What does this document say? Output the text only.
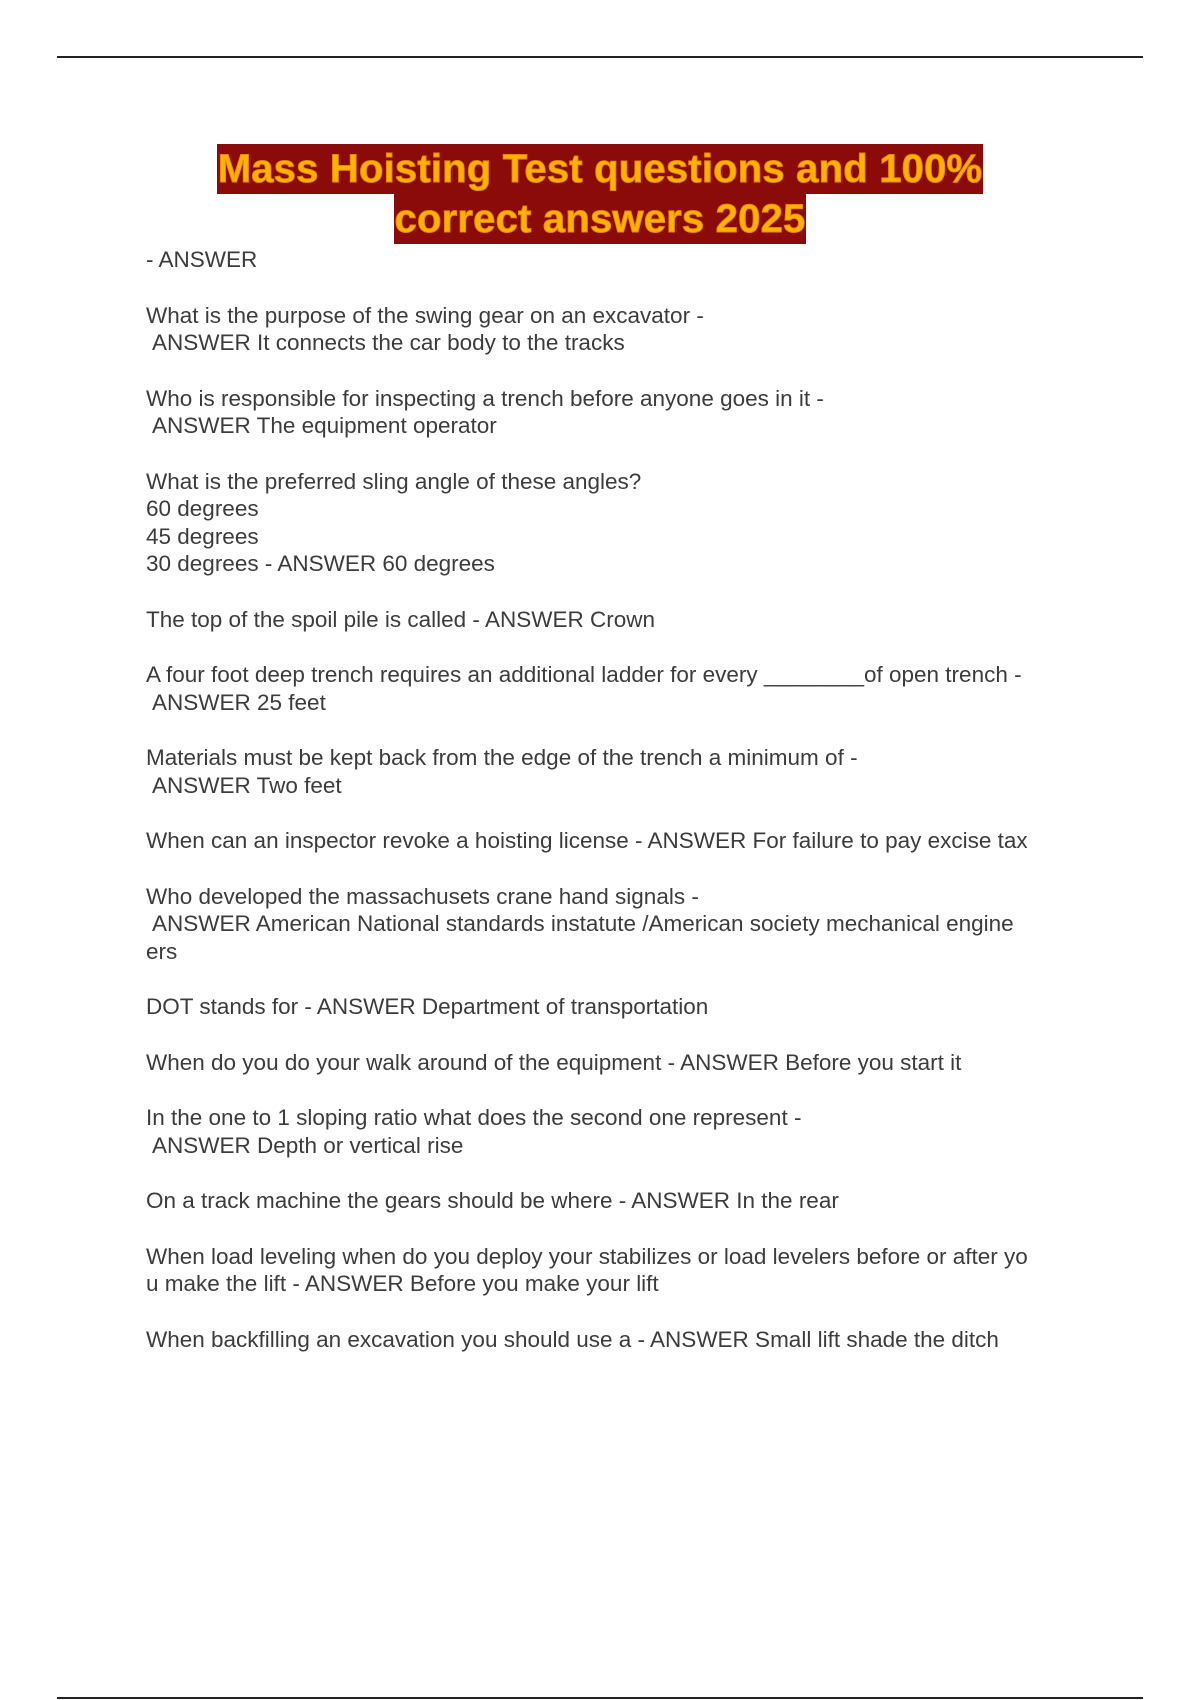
Mass Hoisting Test questions and 100%
correct answers 2025
- ANSWER
What is the purpose of the swing gear on an excavator -
ANSWER It connects the car body to the tracks
Who is responsible for inspecting a trench before anyone goes in it -
ANSWER The equipment operator
What is the preferred sling angle of these angles?
60 degrees
45 degrees
30 degrees - ANSWER 60 degrees
The top of the spoil pile is called - ANSWER Crown
A four foot deep trench requires an additional ladder for every ________of open trench -
ANSWER 25 feet
Materials must be kept back from the edge of the trench a minimum of -
ANSWER Two feet
When can an inspector revoke a hoisting license - ANSWER For failure to pay excise tax
Who developed the massachusets crane hand signals -
ANSWER American National standards instatute /American society mechanical engine
ers
DOT stands for - ANSWER Department of transportation
When do you do your walk around of the equipment - ANSWER Before you start it
In the one to 1 sloping ratio what does the second one represent -
ANSWER Depth or vertical rise
On a track machine the gears should be where - ANSWER In the rear
When load leveling when do you deploy your stabilizes or load levelers before or after yo
u make the lift - ANSWER Before you make your lift
When backfilling an excavation you should use a - ANSWER Small lift shade the ditch
